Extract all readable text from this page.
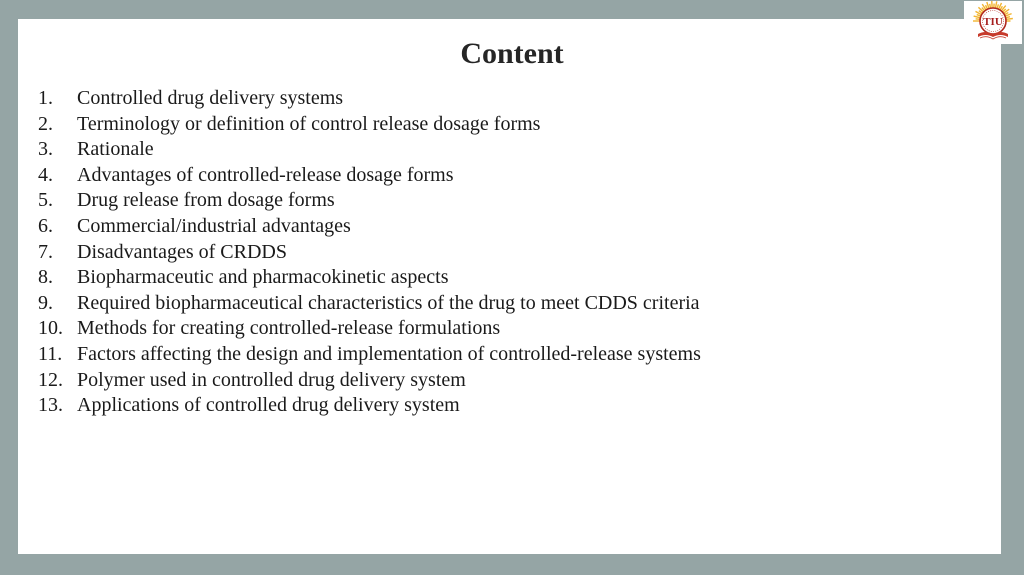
Content
1.	Controlled drug delivery systems
2.	Terminology or definition of control release dosage forms
3.	Rationale
4.	Advantages of controlled-release dosage forms
5.	Drug release from dosage forms
6.	Commercial/industrial advantages
7.	Disadvantages of CRDDS
8.	Biopharmaceutic and pharmacokinetic aspects
9.	Required biopharmaceutical characteristics of the drug to meet CDDS criteria
10. Methods for creating controlled-release formulations
11. Factors affecting the design and implementation of controlled-release systems
12. Polymer used in controlled drug delivery system
13. Applications of controlled drug delivery system
TIU
